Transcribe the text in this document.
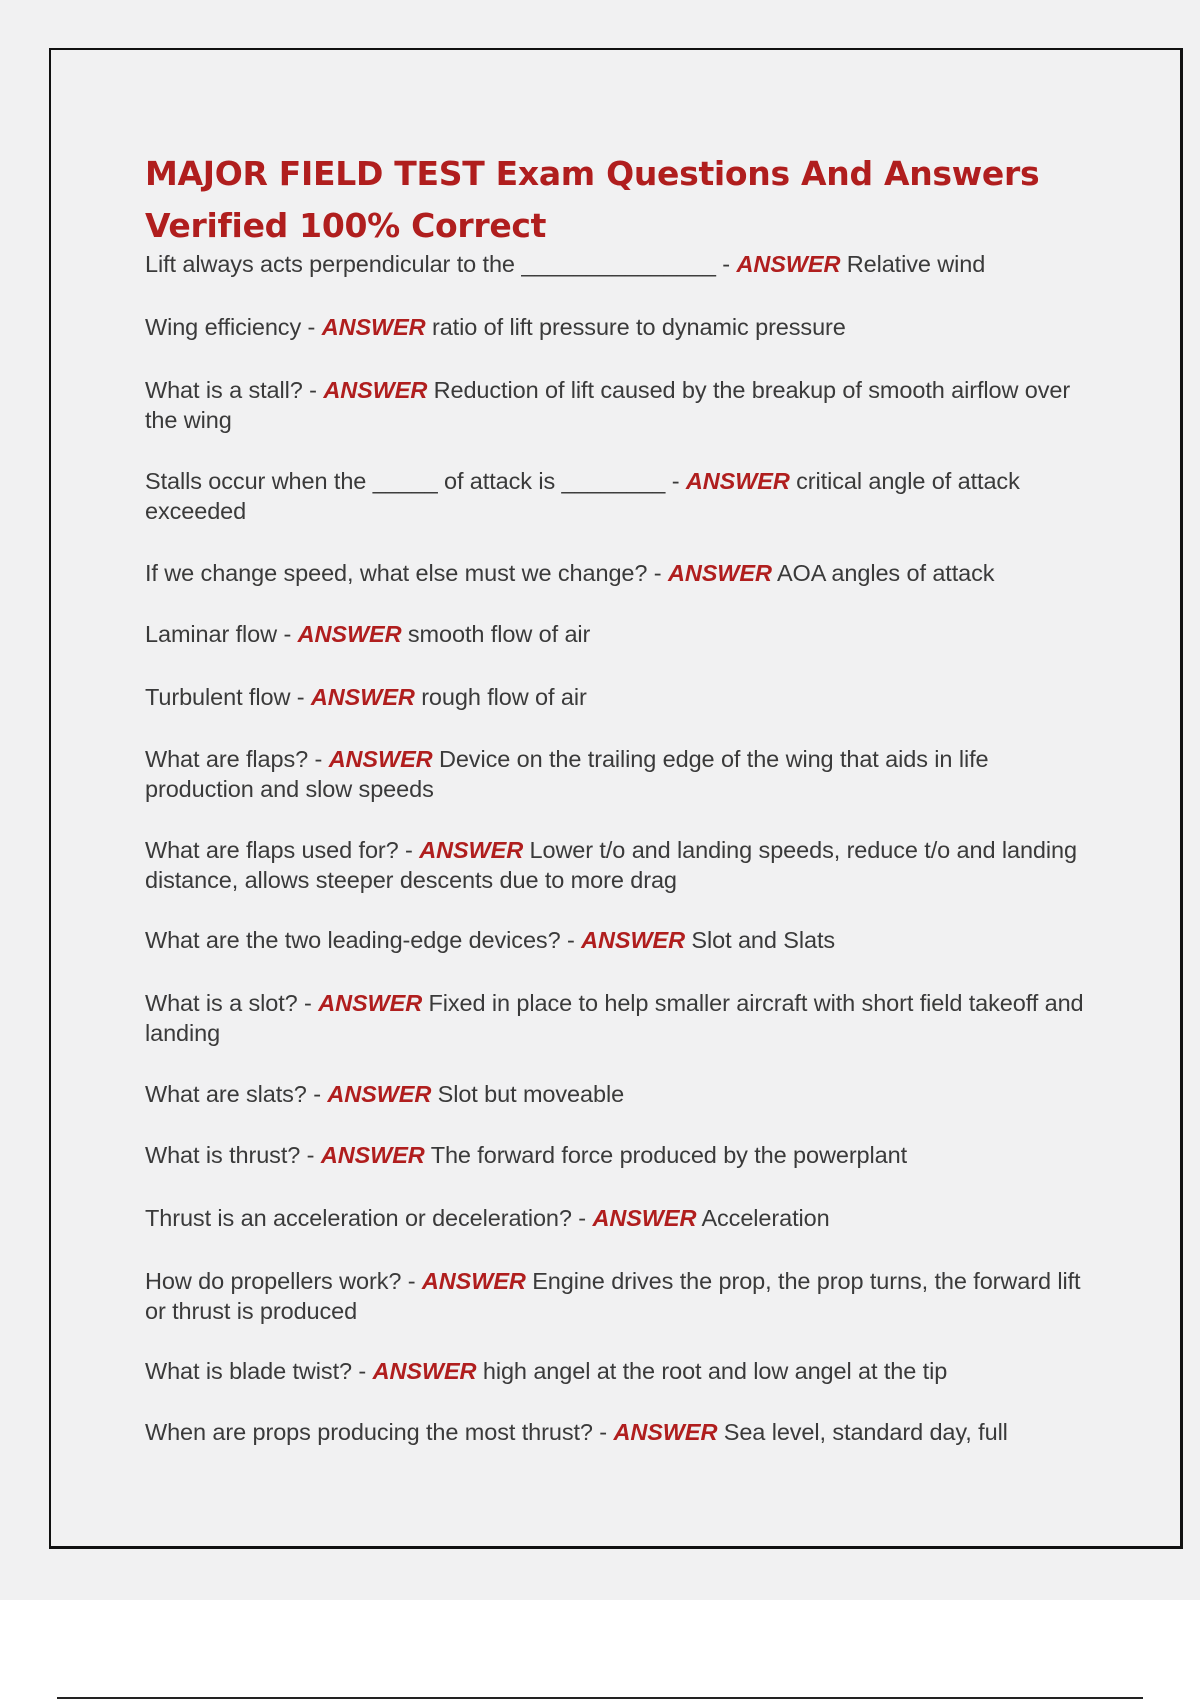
MAJOR FIELD TEST Exam Questions And Answers Verified 100% Correct
Lift always acts perpendicular to the _______________ - ANSWER Relative wind
Wing efficiency - ANSWER ratio of lift pressure to dynamic pressure
What is a stall? - ANSWER Reduction of lift caused by the breakup of smooth airflow over the wing
Stalls occur when the _____ of attack is ________ - ANSWER critical angle of attack exceeded
If we change speed, what else must we change? - ANSWER AOA angles of attack
Laminar flow - ANSWER smooth flow of air
Turbulent flow - ANSWER rough flow of air
What are flaps? - ANSWER Device on the trailing edge of the wing that aids in life production and slow speeds
What are flaps used for? - ANSWER Lower t/o and landing speeds, reduce t/o and landing distance, allows steeper descents due to more drag
What are the two leading-edge devices? - ANSWER Slot and Slats
What is a slot? - ANSWER Fixed in place to help smaller aircraft with short field takeoff and landing
What are slats? - ANSWER Slot but moveable
What is thrust? - ANSWER The forward force produced by the powerplant
Thrust is an acceleration or deceleration? - ANSWER Acceleration
How do propellers work? - ANSWER Engine drives the prop, the prop turns, the forward lift or thrust is produced
What is blade twist? - ANSWER high angel at the root and low angel at the tip
When are props producing the most thrust? - ANSWER Sea level, standard day, full
